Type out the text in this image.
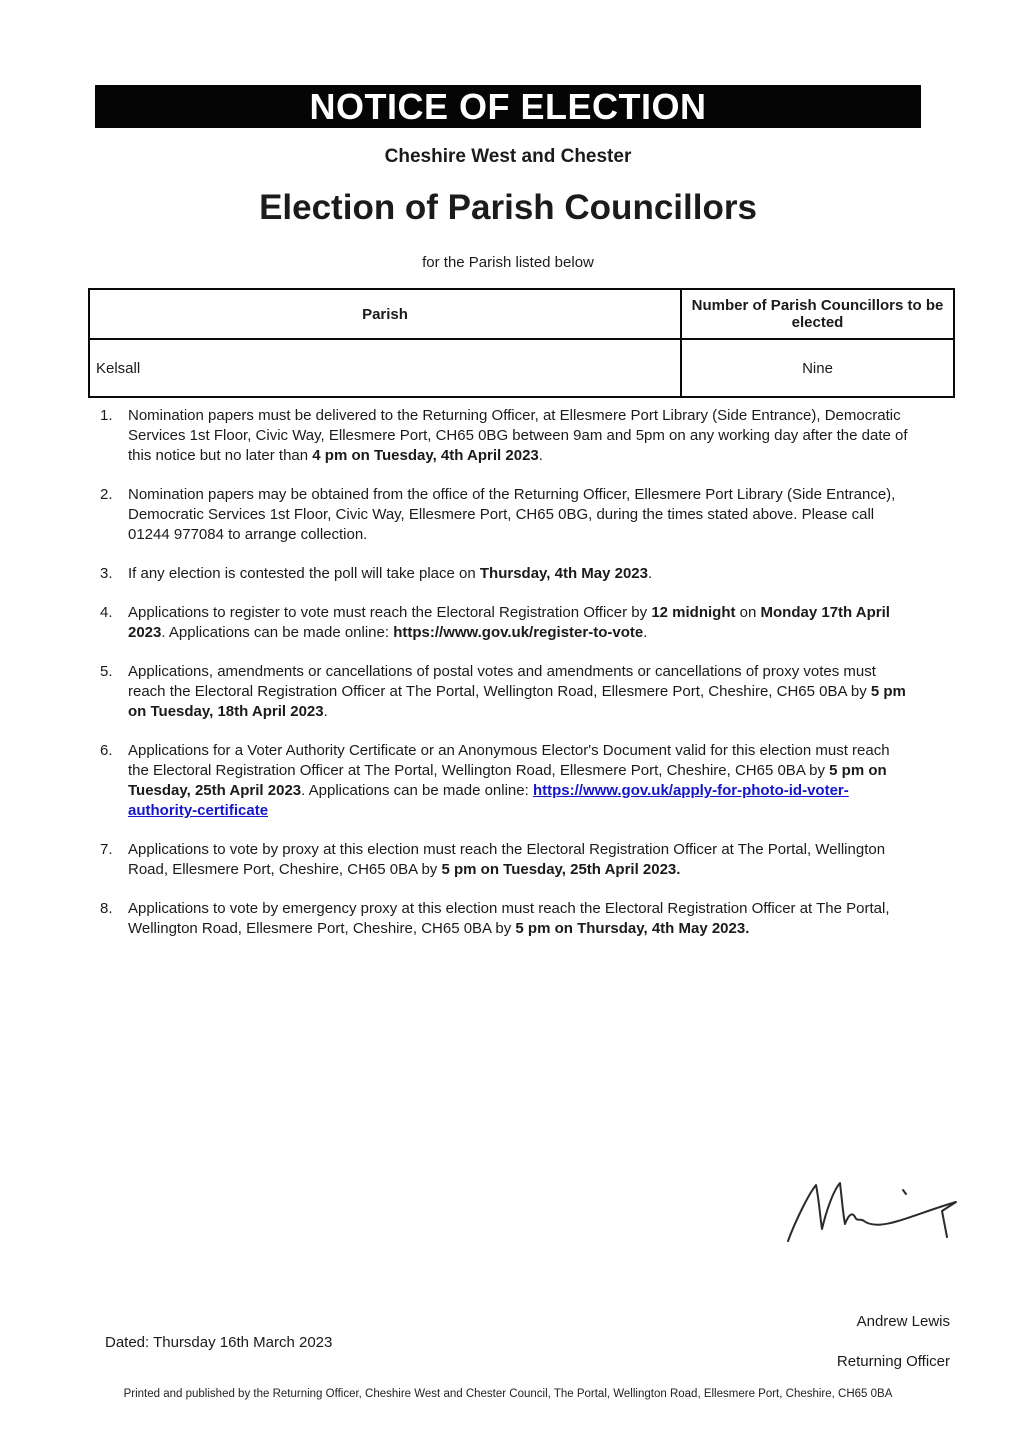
NOTICE OF ELECTION
Cheshire West and Chester
Election of Parish Councillors
for the Parish listed below
Parish	Number of Parish Councillors to be elected
Kelsall	Nine
1.	Nomination papers must be delivered to the Returning Officer, at Ellesmere Port Library (Side Entrance), Democratic Services 1st Floor, Civic Way, Ellesmere Port, CH65 0BG between 9am and 5pm on any working day after the date of this notice but no later than 4 pm on Tuesday, 4th April 2023.
2.	Nomination papers may be obtained from the office of the Returning Officer, Ellesmere Port Library (Side Entrance), Democratic Services 1st Floor, Civic Way, Ellesmere Port, CH65 0BG, during the times stated above. Please call 01244 977084 to arrange collection.
3.	If any election is contested the poll will take place on Thursday, 4th May 2023.
4.	Applications to register to vote must reach the Electoral Registration Officer by 12 midnight on Monday 17th April 2023. Applications can be made online: https://www.gov.uk/register-to-vote.
5.	Applications, amendments or cancellations of postal votes and amendments or cancellations of proxy votes must reach the Electoral Registration Officer at The Portal, Wellington Road, Ellesmere Port, Cheshire, CH65 0BA by 5 pm on Tuesday, 18th April 2023.
6.	Applications for a Voter Authority Certificate or an Anonymous Elector's Document valid for this election must reach the Electoral Registration Officer at The Portal, Wellington Road, Ellesmere Port, Cheshire, CH65 0BA by 5 pm on Tuesday, 25th April 2023. Applications can be made online: https://www.gov.uk/apply-for-photo-id-voter-authority-certificate
7.	Applications to vote by proxy at this election must reach the Electoral Registration Officer at The Portal, Wellington Road, Ellesmere Port, Cheshire, CH65 0BA by 5 pm on Tuesday, 25th April 2023.
8.	Applications to vote by emergency proxy at this election must reach the Electoral Registration Officer at The Portal, Wellington Road, Ellesmere Port, Cheshire, CH65 0BA by 5 pm on Thursday, 4th May 2023.
Andrew Lewis
Dated: Thursday 16th March 2023
Returning Officer
Printed and published by the Returning Officer, Cheshire West and Chester Council, The Portal, Wellington Road, Ellesmere Port, Cheshire, CH65 0BA
